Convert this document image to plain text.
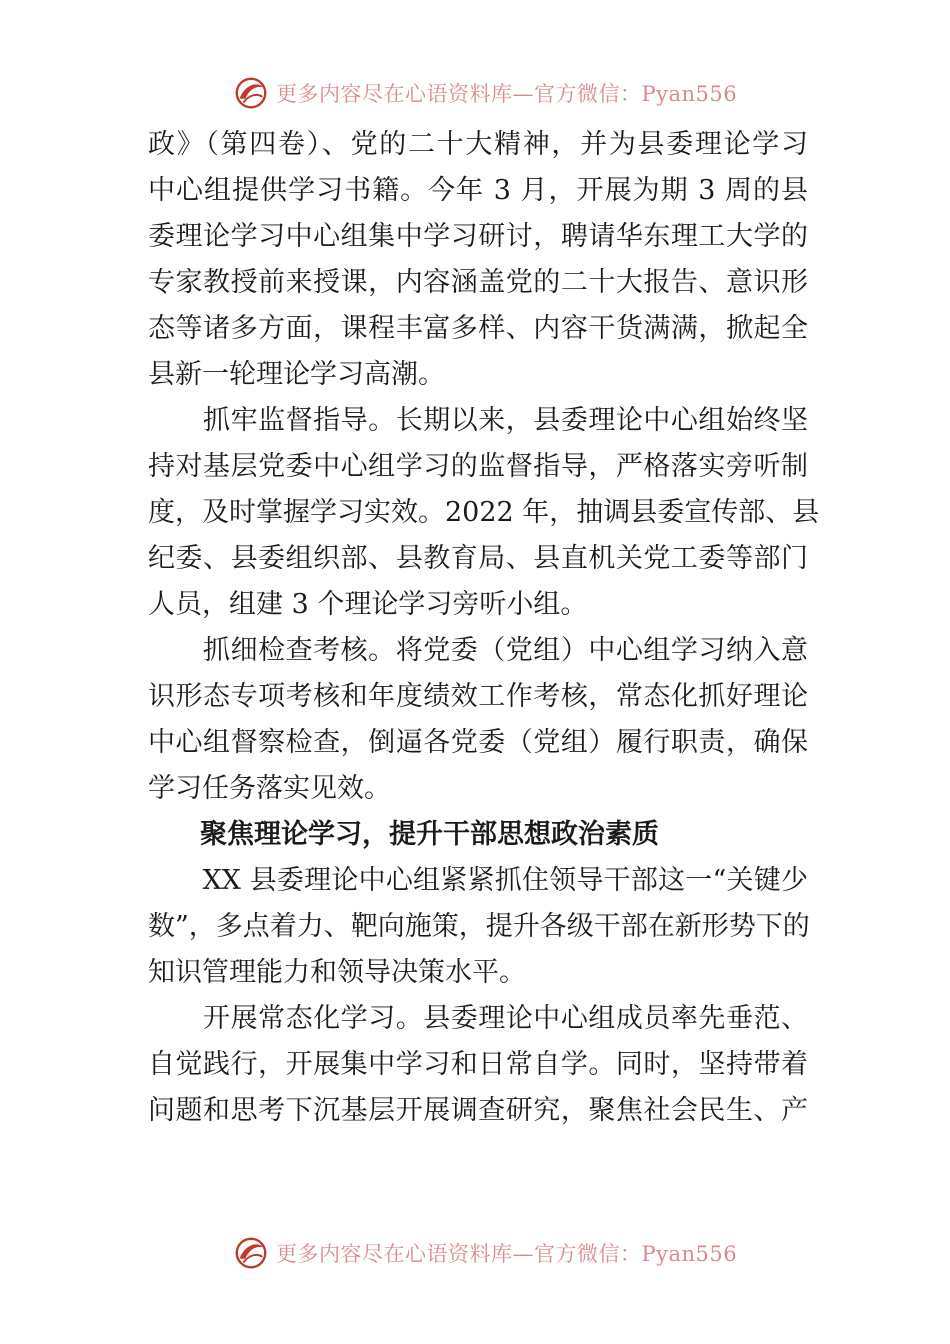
更多内容尽在心语资料库—官方微信：Pyan556
政》（第四卷）、党的二十大精神，并为县委理论学习
中心组提供学习书籍。今年 3 月，开展为期 3 周的县
委理论学习中心组集中学习研讨，聘请华东理工大学的
专家教授前来授课，内容涵盖党的二十大报告、意识形
态等诸多方面，课程丰富多样、内容干货满满，掀起全
县新一轮理论学习高潮。
　　抓牢监督指导。长期以来，县委理论中心组始终坚
持对基层党委中心组学习的监督指导，严格落实旁听制
度，及时掌握学习实效。2022 年，抽调县委宣传部、县
纪委、县委组织部、县教育局、县直机关党工委等部门
人员，组建 3 个理论学习旁听小组。
　　抓细检查考核。将党委（党组）中心组学习纳入意
识形态专项考核和年度绩效工作考核，常态化抓好理论
中心组督察检查，倒逼各党委（党组）履行职责，确保
学习任务落实见效。
聚焦理论学习，提升干部思想政治素质
　　XX 县委理论中心组紧紧抓住领导干部这一“关键少
数”，多点着力、靶向施策，提升各级干部在新形势下的
知识管理能力和领导决策水平。
　　开展常态化学习。县委理论中心组成员率先垂范、
自觉践行，开展集中学习和日常自学。同时，坚持带着
问题和思考下沉基层开展调查研究，聚焦社会民生、产
更多内容尽在心语资料库—官方微信：Pyan556
